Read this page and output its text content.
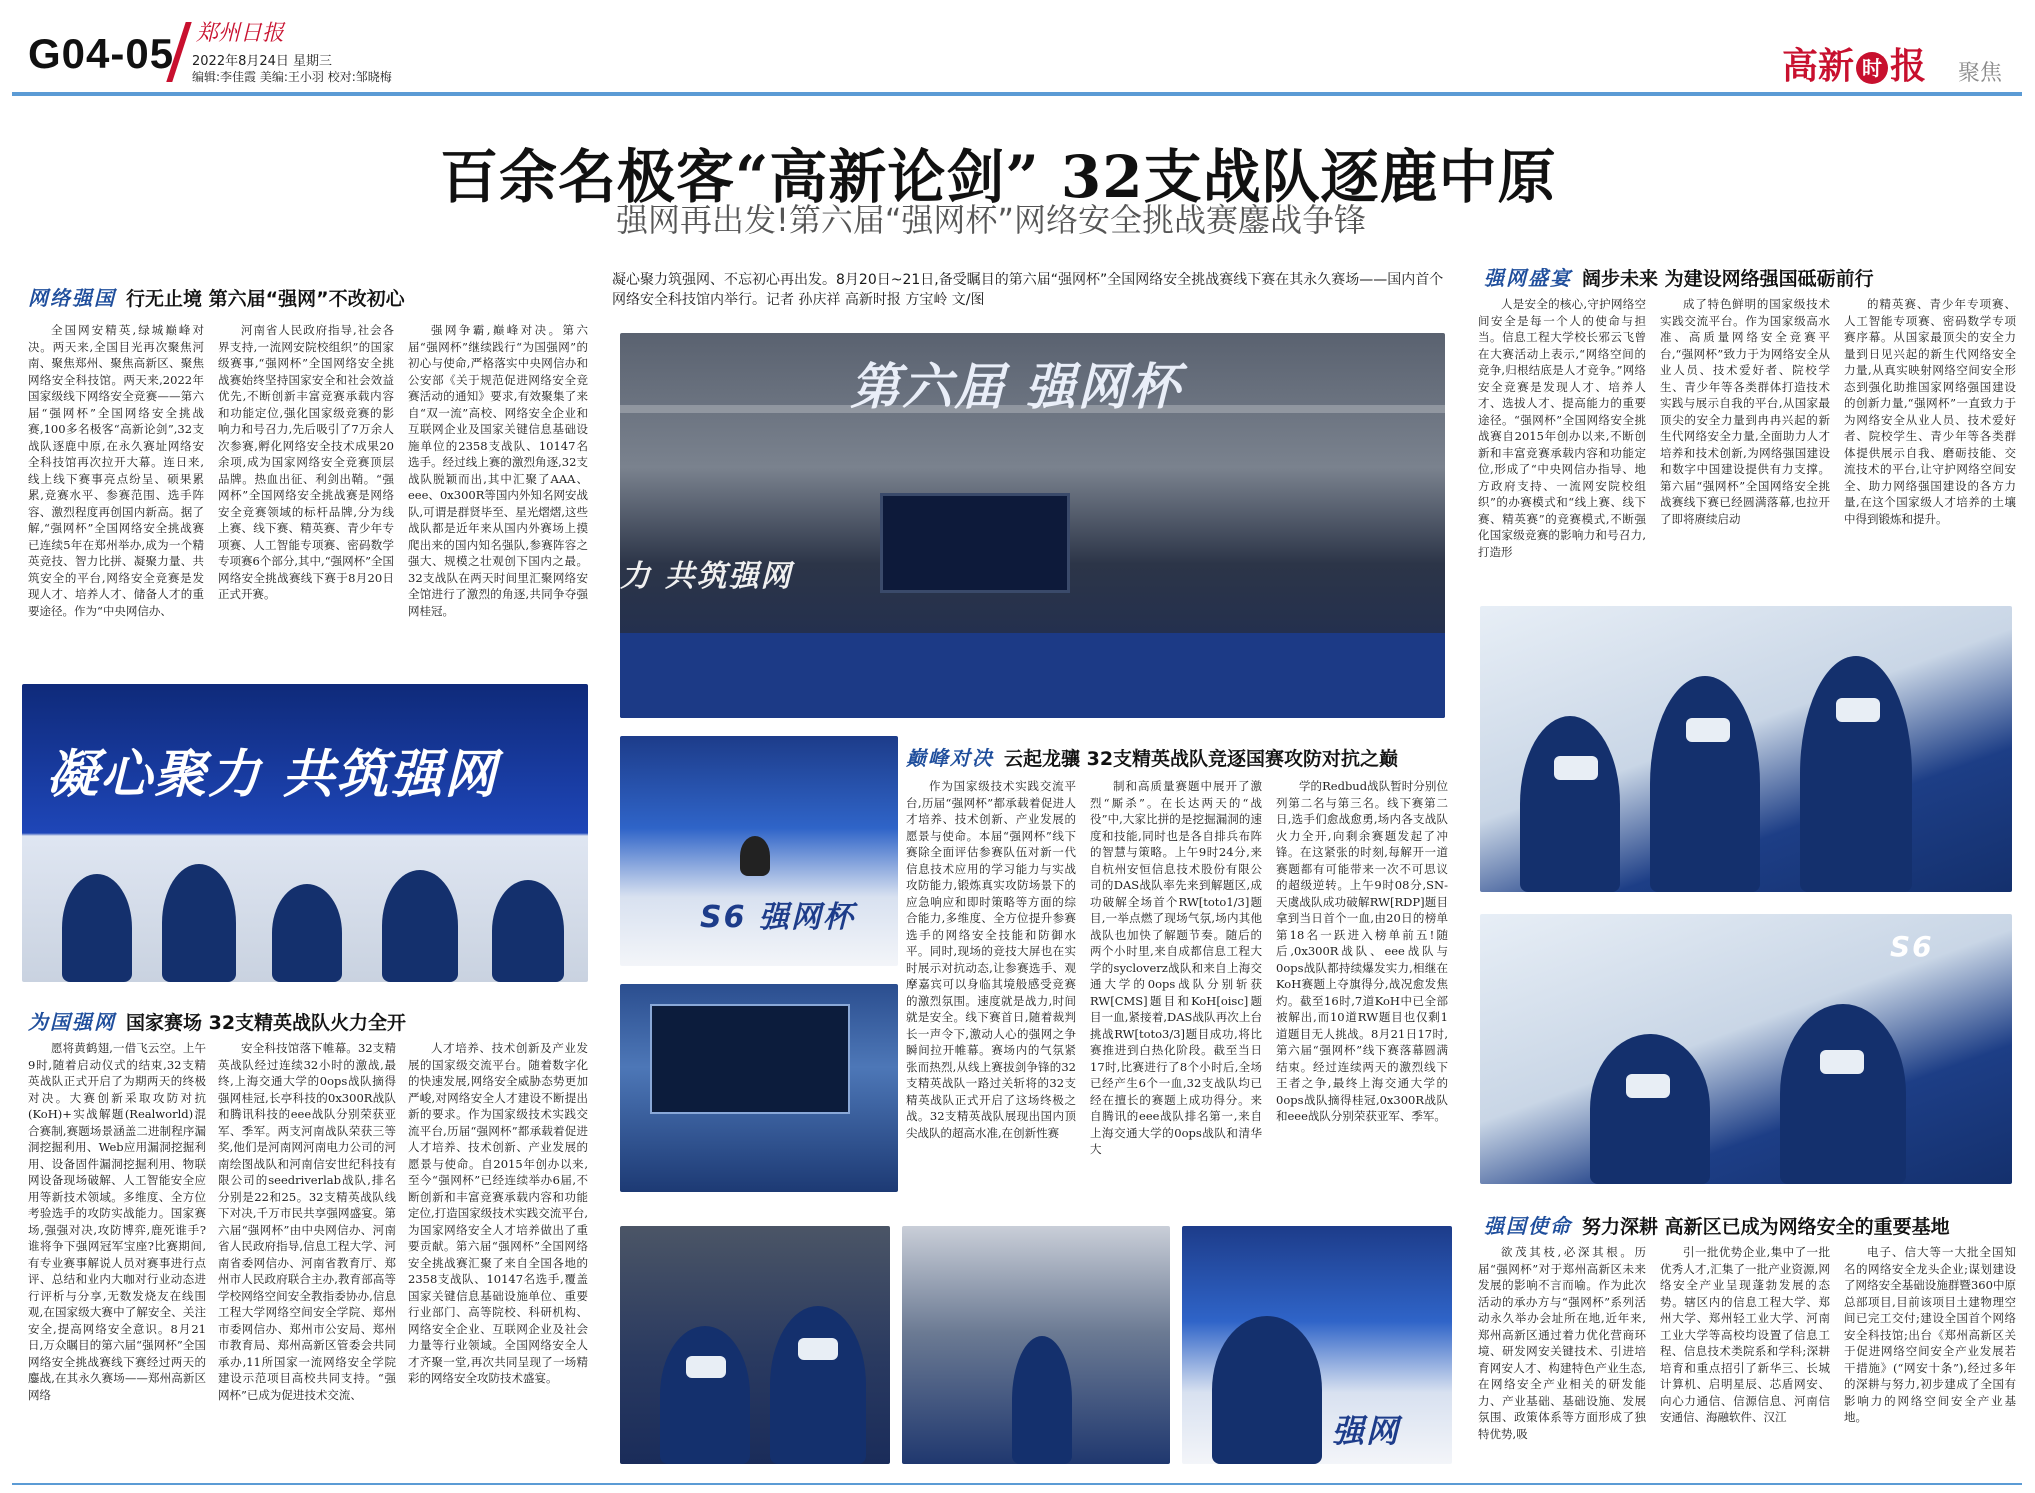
G04-05 郑州日报
2022年8月24日 星期三
编辑:李佳霞 美编:王小羽 校对:邹晓梅	高新 时 报 聚焦
百余名极客“高新论剑” 32支战队逐鹿中原
强网再出发!第六届“强网杯”网络安全挑战赛鏖战争锋
凝心聚力筑强网、不忘初心再出发。8月20日~21日,备受瞩目的第六届“强网杯”全国网络安全挑战赛线下赛在其永久赛场——国内首个网络安全科技馆内举行。记者 孙庆祥 高新时报 方宝岭 文/图
网络强国 行无止境 第六届“强网”不改初心

全国网安精英,绿城巅峰对决。两天来,全国目光再次聚焦河南、聚焦郑州、聚焦高新区、聚焦网络安全科技馆。两天来,2022年国家级线下网络安全竞赛——第六届“强网杯”全国网络安全挑战赛,100多名极客“高新论剑”,32支战队逐鹿中原,在永久赛址网络安全科技馆再次拉开大幕。连日来,线上线下赛事亮点纷呈、硕果累累,竞赛水平、参赛范围、选手阵容、激烈程度再创国内新高。据了解,“强网杯”全国网络安全挑战赛已连续5年在郑州举办,成为一个精英竞技、智力比拼、凝聚力量、共筑安全的平台,网络安全竞赛是发现人才、培养人才、储备人才的重要途径。作为“中央网信办、

河南省人民政府指导,社会各界支持,一流网安院校组织”的国家级赛事,“强网杯”全国网络安全挑战赛始终坚持国家安全和社会效益优先,不断创新丰富竞赛承载内容和功能定位,强化国家级竞赛的影响力和号召力,先后吸引了7万余人次参赛,孵化网络安全技术成果20余项,成为国家网络安全竞赛顶层品牌。热血出征、利剑出鞘。“强网杯”全国网络安全挑战赛是网络安全竞赛领域的标杆品牌,分为线上赛、线下赛、精英赛、青少年专项赛、人工智能专项赛、密码数学专项赛6个部分,其中,“强网杯”全国网络安全挑战赛线下赛于8月20日正式开赛。

强网争霸,巅峰对决。第六届“强网杯”继续践行“为国强网”的初心与使命,严格落实中央网信办和公安部《关于规范促进网络安全竞赛活动的通知》要求,有效聚集了来自“双一流”高校、网络安全企业和互联网企业及国家关键信息基础设施单位的2358支战队、10147名选手。经过线上赛的激烈角逐,32支战队脱颖而出,其中汇聚了AAA、eee、0x300R等国内外知名网安战队,可谓是群贤毕至、星光熠熠,这些战队都是近年来从国内外赛场上摸爬出来的国内知名强队,参赛阵容之强大、规模之壮观创下国内之最。32支战队在两天时间里汇聚网络安全馆进行了激烈的角逐,共同争夺强网桂冠。

凝心聚力 共筑强网
为国强网 国家赛场 32支精英战队火力全开

愿将黄鹤翅,一借飞云空。上午9时,随着启动仪式的结束,32支精英战队正式开启了为期两天的终极对决。大赛创新采取攻防对抗(KoH)+实战解题(Realworld)混合赛制,赛题场景涵盖二进制程序漏洞挖掘利用、Web应用漏洞挖掘利用、设备固件漏洞挖掘利用、物联网设备现场破解、人工智能安全应用等新技术领域。多维度、全方位考验选手的攻防实战能力。国家赛场,强强对决,攻防博弈,鹿死谁手?谁将争下强网冠军宝座?比赛期间,有专业赛事解说人员对赛事进行点评、总结和业内大咖对行业动态进行评析与分享,无数发烧友在线围观,在国家级大赛中了解安全、关注安全,提高网络安全意识。8月21日,万众瞩目的第六届“强网杯”全国网络安全挑战赛线下赛经过两天的鏖战,在其永久赛场——郑州高新区网络

安全科技馆落下帷幕。32支精英战队经过连续32小时的激战,最终,上海交通大学的0ops战队摘得强网桂冠,长亭科技的0x300R战队和腾讯科技的eee战队分别荣获亚军、季军。两支河南战队荣获三等奖,他们是河南网河南电力公司的河南绘图战队和河南信安世纪科技有限公司的seedriverlab战队,排名分别是22和25。32支精英战队线下对决,千万市民共享强网盛宴。第六届“强网杯”由中央网信办、河南省人民政府指导,信息工程大学、河南省委网信办、河南省教育厅、郑州市人民政府联合主办,教育部高等学校网络空间安全教指委协办,信息工程大学网络空间安全学院、郑州市委网信办、郑州市公安局、郑州市教育局、郑州高新区管委会共同承办,11所国家一流网络安全学院建设示范项目高校共同支持。“强网杯”已成为促进技术交流、

人才培养、技术创新及产业发展的国家级交流平台。随着数字化的快速发展,网络安全威胁态势更加严峻,对网络安全人才建设不断提出新的要求。作为国家级技术实践交流平台,历届“强网杯”都承载着促进人才培养、技术创新、产业发展的愿景与使命。自2015年创办以来,至今“强网杯”已经连续举办6届,不断创新和丰富竞赛承载内容和功能定位,打造国家级技术实践交流平台,为国家网络安全人才培养做出了重要贡献。第六届“强网杯”全国网络安全挑战赛汇聚了来自全国各地的2358支战队、10147名选手,覆盖国家关键信息基础设施单位、重要行业部门、高等院校、科研机构、网络安全企业、互联网企业及社会力量等行业领域。全国网络安全人才齐聚一堂,再次共同呈现了一场精彩的网络安全攻防技术盛宴。

第六届 强网杯
力 共筑强网
S6 强网杯
巅峰对决 云起龙骧 32支精英战队竞逐国赛攻防对抗之巅

作为国家级技术实践交流平台,历届“强网杯”都承载着促进人才培养、技术创新、产业发展的愿景与使命。本届“强网杯”线下赛除全面评估参赛队伍对新一代信息技术应用的学习能力与实战攻防能力,锻炼真实攻防场景下的应急响应和即时策略等方面的综合能力,多维度、全方位提升参赛选手的网络安全技能和防御水平。同时,现场的竞技大屏也在实时展示对抗动态,让参赛选手、观摩嘉宾可以身临其境般感受竞赛的激烈氛围。速度就是战力,时间就是安全。线下赛首日,随着裁判长一声令下,激动人心的强网之争瞬间拉开帷幕。赛场内的气氛紧张而热烈,从线上赛拔剑争锋的32支精英战队一路过关斩将的32支精英战队正式开启了这场终极之战。32支精英战队展现出国内顶尖战队的超高水准,在创新性赛

制和高质量赛题中展开了激烈“厮杀”。在长达两天的“战役”中,大家比拼的是挖掘漏洞的速度和技能,同时也是各自排兵布阵的智慧与策略。上午9时24分,来自杭州安恒信息技术股份有限公司的DAS战队率先来到解题区,成功破解全场首个RW[toto1/3]题目,一举点燃了现场气氛,场内其他战队也加快了解题节奏。随后的两个小时里,来自成都信息工程大学的sycloverz战队和来自上海交通大学的0ops战队分别斩获RW[CMS]题目和KoH[oisc]题目一血,紧接着,DAS战队再次上台挑战RW[toto3/3]题目成功,将比赛推进到白热化阶段。截至当日17时,比赛进行了8个小时后,全场已经产生6个一血,32支战队均已经在擅长的赛题上成功得分。来自腾讯的eee战队排名第一,来自上海交通大学的0ops战队和清华大

学的Redbud战队暂时分别位列第二名与第三名。线下赛第二日,选手们愈战愈勇,场内各支战队火力全开,向剩余赛题发起了冲锋。在这紧张的时刻,每解开一道赛题都有可能带来一次不可思议的超级逆转。上午9时08分,SN-天虞战队成功破解RW[RDP]题目拿到当日首个一血,由20日的榜单第18名一跃进入榜单前五!随后,0x300R战队、eee战队与0ops战队都持续爆发实力,相继在KoH赛题上夺旗得分,战况愈发焦灼。截至16时,7道KoH中已全部被解出,而10道RW题目也仅剩1道题目无人挑战。8月21日17时,第六届“强网杯”线下赛落幕圆满结束。经过连续两天的激烈线下王者之争,最终上海交通大学的0ops战队摘得桂冠,0x300R战队和eee战队分别荣获亚军、季军。

强网
强网盛宴 阔步未来 为建设网络强国砥砺前行

人是安全的核心,守护网络空间安全是每一个人的使命与担当。信息工程大学校长邪云飞曾在大赛活动上表示,“网络空间的竞争,归根结底是人才竞争。”网络安全竞赛是发现人才、培养人才、选拔人才、提高能力的重要途径。“强网杯”全国网络安全挑战赛自2015年创办以来,不断创新和丰富竞赛承载内容和功能定位,形成了“中央网信办指导、地方政府支持、一流网安院校组织”的办赛模式和“线上赛、线下赛、精英赛”的竞赛模式,不断强化国家级竞赛的影响力和号召力,打造形

成了特色鲜明的国家级技术实践交流平台。作为国家级高水准、高质量网络安全竞赛平台,“强网杯”致力于为网络安全从业人员、技术爱好者、院校学生、青少年等各类群体打造技术实践与展示自我的平台,从国家最顶尖的安全力量到冉冉兴起的新生代网络安全力量,全面助力人才培养和技术创新,为网络强国建设和数字中国建设提供有力支撑。第六届“强网杯”全国网络安全挑战赛线下赛已经圆满落幕,也拉开了即将赓续启动

的精英赛、青少年专项赛、人工智能专项赛、密码数学专项赛序幕。从国家最顶尖的安全力量到日见兴起的新生代网络安全力量,从真实映射网络空间安全形态到强化助推国家网络强国建设的创新力量,“强网杯”一直致力于为网络安全从业人员、技术爱好者、院校学生、青少年等各类群体提供展示自我、磨砺技能、交流技术的平台,让守护网络空间安全、助力网络强国建设的各方力量,在这个国家级人才培养的土壤中得到锻炼和提升。

S6
强国使命 努力深耕 高新区已成为网络安全的重要基地

欲茂其枝,必深其根。历届“强网杯”对于郑州高新区未来发展的影响不言而喻。作为此次活动的承办方与“强网杯”系列活动永久举办会址所在地,近年来,郑州高新区通过着力优化营商环境、研发网安关键技术、引进培育网安人才、构建特色产业生态,在网络安全产业相关的研发能力、产业基础、基础设施、发展氛围、政策体系等方面形成了独特优势,吸

引一批优势企业,集中了一批优秀人才,汇集了一批产业资源,网络安全产业呈现蓬勃发展的态势。辖区内的信息工程大学、郑州大学、郑州轻工业大学、河南工业大学等高校均设置了信息工程、信息技术类院系和学科;深耕培育和重点招引了新华三、长城计算机、启明星辰、芯盾网安、向心力通信、信源信息、河南信安通信、海融软件、汉江

电子、信大等一大批全国知名的网络安全龙头企业;谋划建设了网络安全基础设施群暨360中原总部项目,目前该项目土建物理空间已完工交付;建设全国首个网络安全科技馆;出台《郑州高新区关于促进网络空间安全产业发展若干措施》(“网安十条”),经过多年的深耕与努力,初步建成了全国有影响力的网络空间安全产业基地。
